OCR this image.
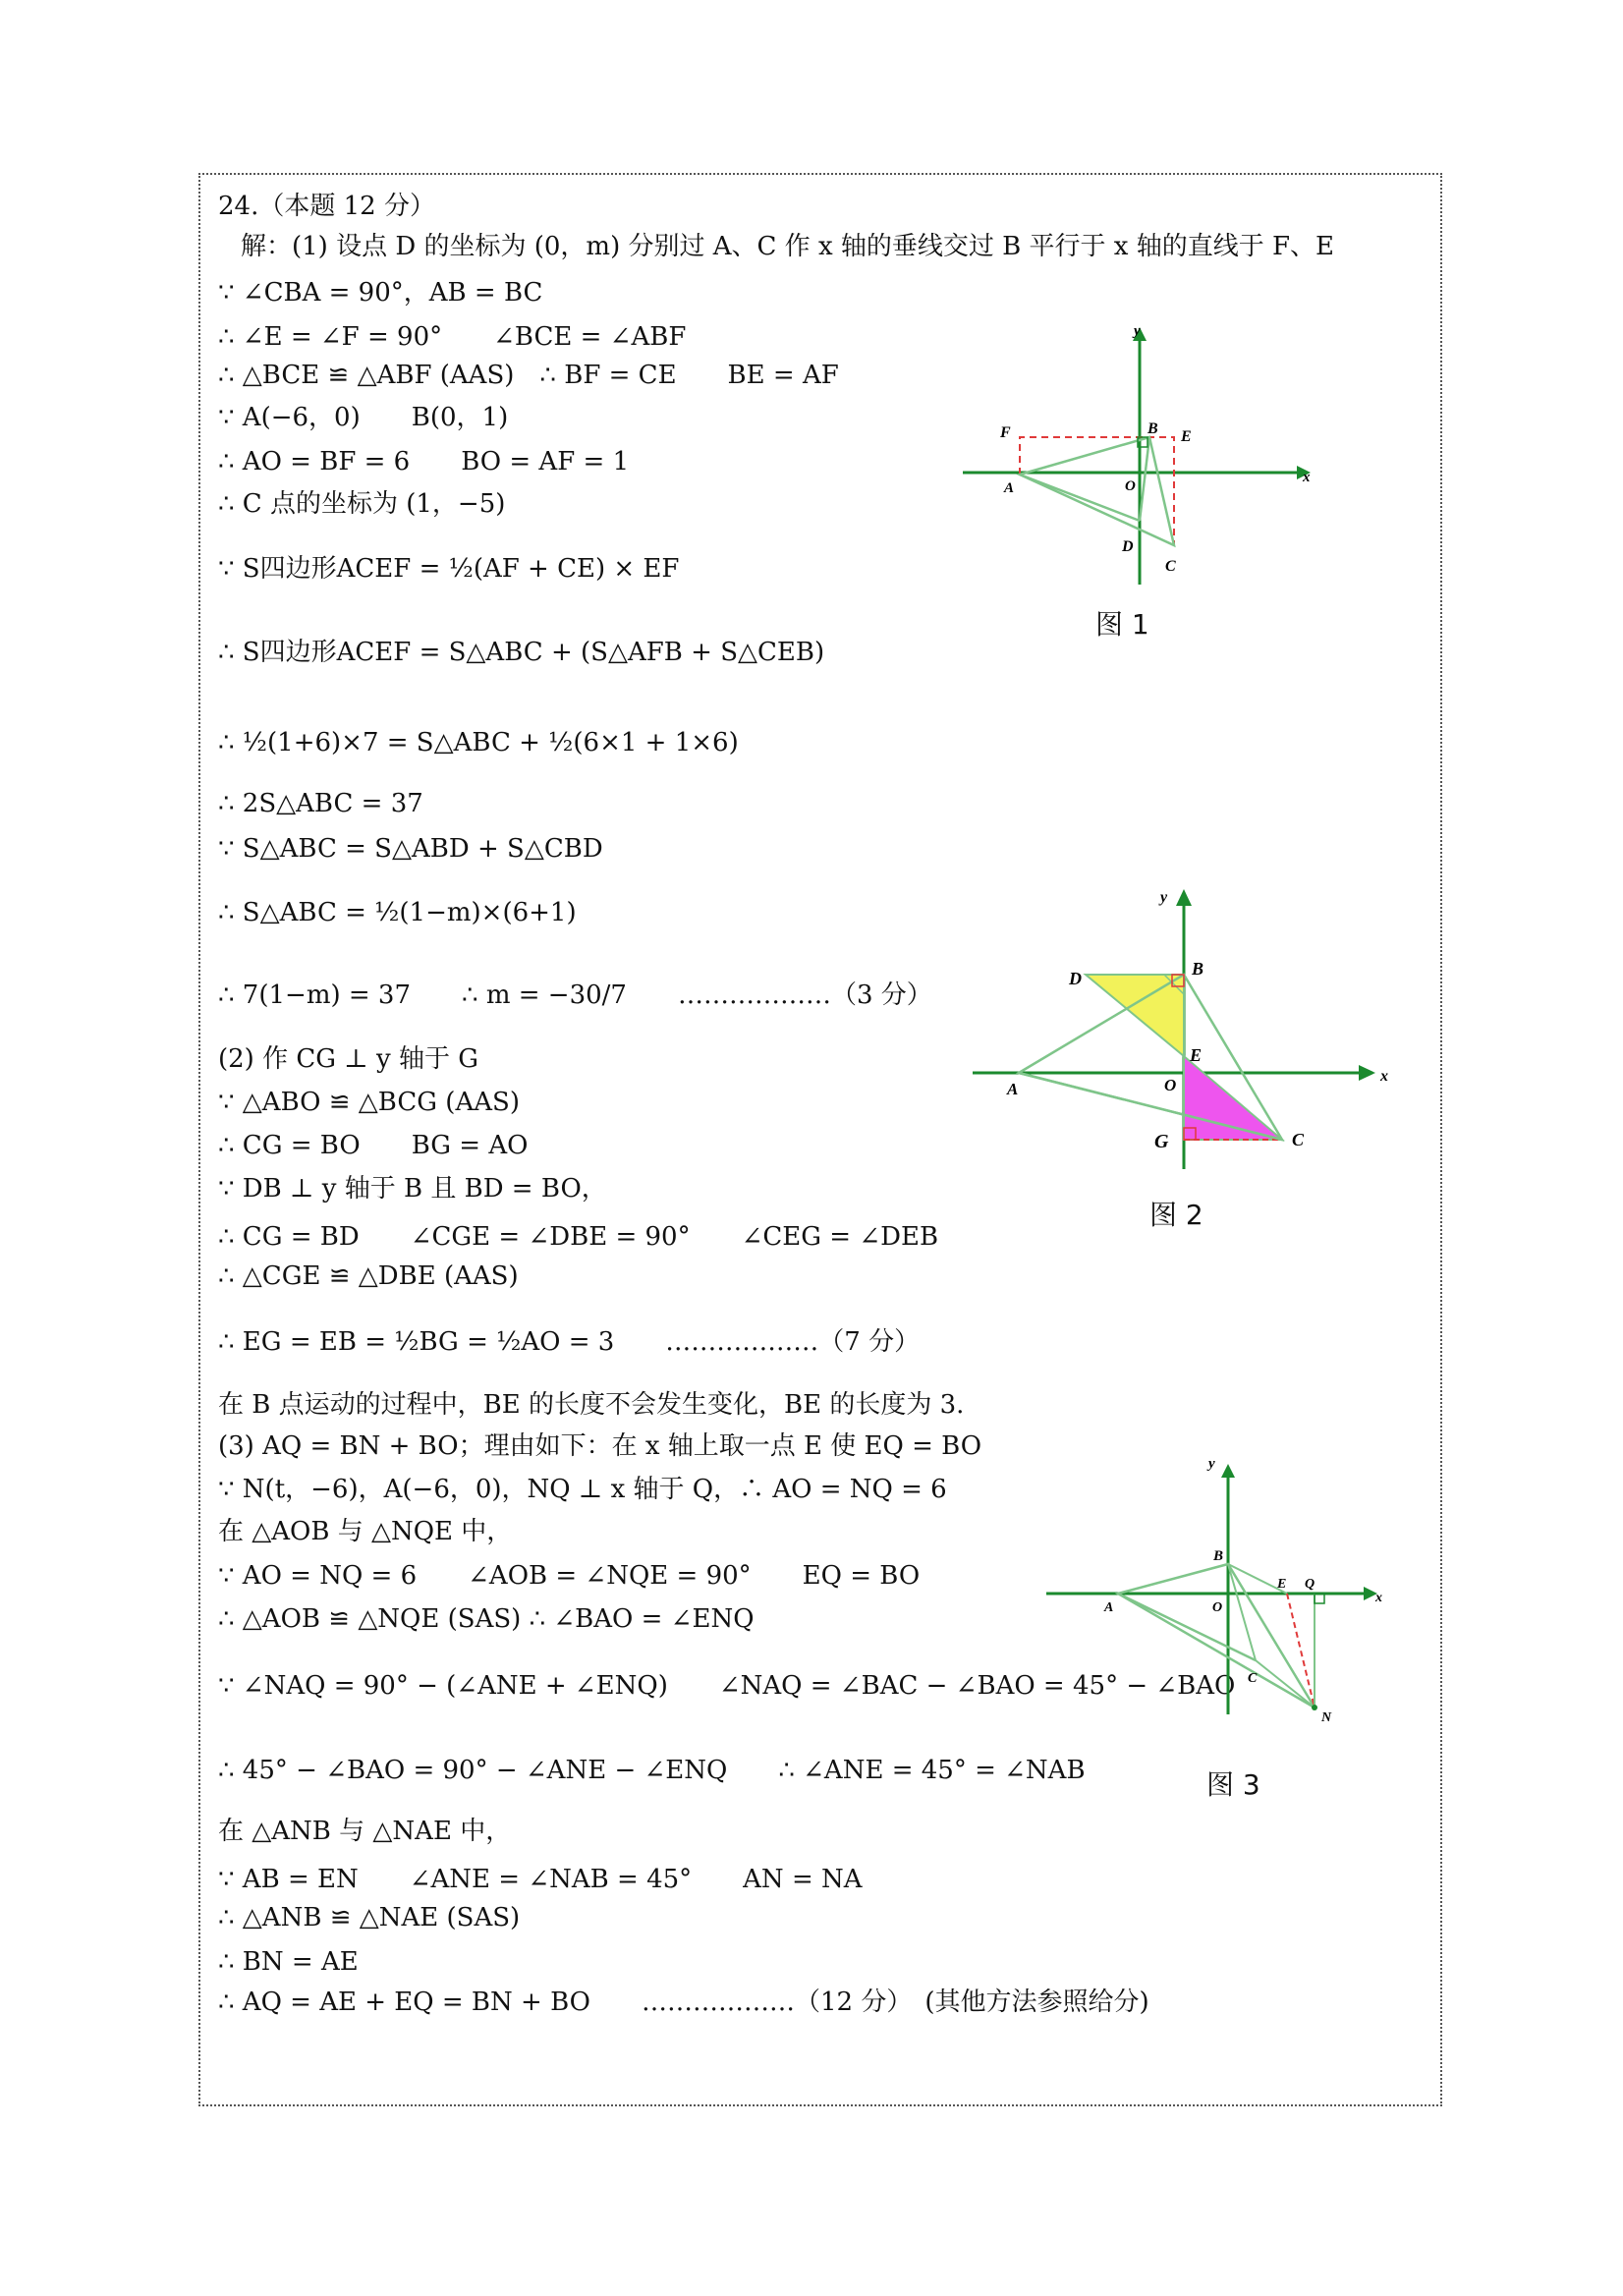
24.（本题 12 分）
解：(1) 设点 D 的坐标为 (0，m) 分别过 A、C 作 x 轴的垂线交过 B 平行于 x 轴的直线于 F、E
∵ ∠CBA = 90°，AB = BC
∴ ∠E = ∠F = 90°　　∠BCE = ∠ABF
∴ △BCE ≌ △ABF (AAS)　∴ BF = CE　　BE = AF
∵ A(−6，0)　　B(0，1)
∴ AO = BF = 6　　BO = AF = 1
∴ C 点的坐标为 (1，−5)
∵ S四边形ACEF = ½(AF + CE) × EF
∴ S四边形ACEF = S△ABC + (S△AFB + S△CEB)
∴ ½(1+6)×7 = S△ABC + ½(6×1 + 1×6)
∴ 2S△ABC = 37
∵ S△ABC = S△ABD + S△CBD
∴ S△ABC = ½(1−m)×(6+1)
∴ 7(1−m) = 37　　∴ m = −30/7　　………………（3 分）
(2) 作 CG ⊥ y 轴于 G
∵ △ABO ≌ △BCG (AAS)
∴ CG = BO　　BG = AO
∵ DB ⊥ y 轴于 B 且 BD = BO，
∴ CG = BD　　∠CGE = ∠DBE = 90°　　∠CEG = ∠DEB
∴ △CGE ≌ △DBE (AAS)
∴ EG = EB = ½BG = ½AO = 3　　………………（7 分）
在 B 点运动的过程中，BE 的长度不会发生变化，BE 的长度为 3.
(3) AQ = BN + BO；理由如下：在 x 轴上取一点 E 使 EQ = BO
∵ N(t，−6)，A(−6，0)，NQ ⊥ x 轴于 Q，∴ AO = NQ = 6
在 △AOB 与 △NQE 中，
∵ AO = NQ = 6　　∠AOB = ∠NQE = 90°　　EQ = BO
∴ △AOB ≌ △NQE (SAS) ∴ ∠BAO = ∠ENQ
∵ ∠NAQ = 90° − (∠ANE + ∠ENQ)　　∠NAQ = ∠BAC − ∠BAO = 45° − ∠BAO
∴ 45° − ∠BAO = 90° − ∠ANE − ∠ENQ　　∴ ∠ANE = 45° = ∠NAB
在 △ANB 与 △NAE 中，
∵ AB = EN　　∠ANE = ∠NAB = 45°　　AN = NA
∴ △ANB ≌ △NAE (SAS)
∴ BN = AE
∴ AQ = AE + EQ = BN + BO　　………………（12 分）　(其他方法参照给分)
y
x
F	B E
A	O
D
C
图 1
y
x
D	B
E
A	O
G	C
图 2
y
x
B
E Q
A	O
C
N
图 3
